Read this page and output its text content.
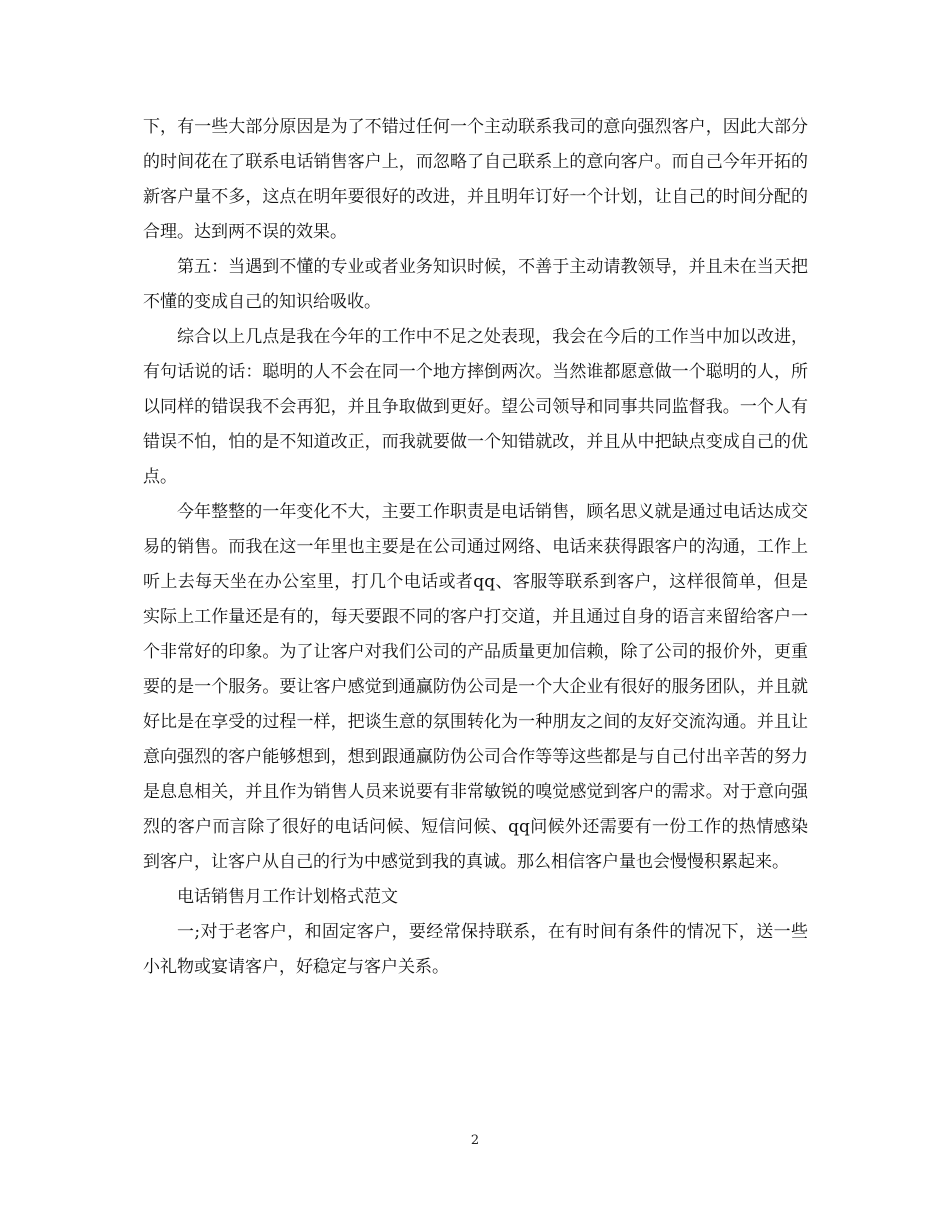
下，有一些大部分原因是为了不错过任何一个主动联系我司的意向强烈客户，因此大部分的时间花在了联系电话销售客户上，而忽略了自己联系上的意向客户。而自己今年开拓的新客户量不多，这点在明年要很好的改进，并且明年订好一个计划，让自己的时间分配的合理。达到两不误的效果。

第五：当遇到不懂的专业或者业务知识时候，不善于主动请教领导，并且未在当天把不懂的变成自己的知识给吸收。

综合以上几点是我在今年的工作中不足之处表现，我会在今后的工作当中加以改进，有句话说的话：聪明的人不会在同一个地方摔倒两次。当然谁都愿意做一个聪明的人，所以同样的错误我不会再犯，并且争取做到更好。望公司领导和同事共同监督我。一个人有错误不怕，怕的是不知道改正，而我就要做一个知错就改，并且从中把缺点变成自己的优点。

今年整整的一年变化不大，主要工作职责是电话销售，顾名思义就是通过电话达成交易的销售。而我在这一年里也主要是在公司通过网络、电话来获得跟客户的沟通，工作上听上去每天坐在办公室里，打几个电话或者qq、客服等联系到客户，这样很简单，但是实际上工作量还是有的，每天要跟不同的客户打交道，并且通过自身的语言来留给客户一个非常好的印象。为了让客户对我们公司的产品质量更加信赖，除了公司的报价外，更重要的是一个服务。要让客户感觉到通赢防伪公司是一个大企业有很好的服务团队，并且就好比是在享受的过程一样，把谈生意的氛围转化为一种朋友之间的友好交流沟通。并且让意向强烈的客户能够想到，想到跟通赢防伪公司合作等等这些都是与自己付出辛苦的努力是息息相关，并且作为销售人员来说要有非常敏锐的嗅觉感觉到客户的需求。对于意向强烈的客户而言除了很好的电话问候、短信问候、qq问候外还需要有一份工作的热情感染到客户，让客户从自己的行为中感觉到我的真诚。那么相信客户量也会慢慢积累起来。

电话销售月工作计划格式范文

一;对于老客户，和固定客户，要经常保持联系，在有时间有条件的情况下，送一些小礼物或宴请客户，好稳定与客户关系。

2
